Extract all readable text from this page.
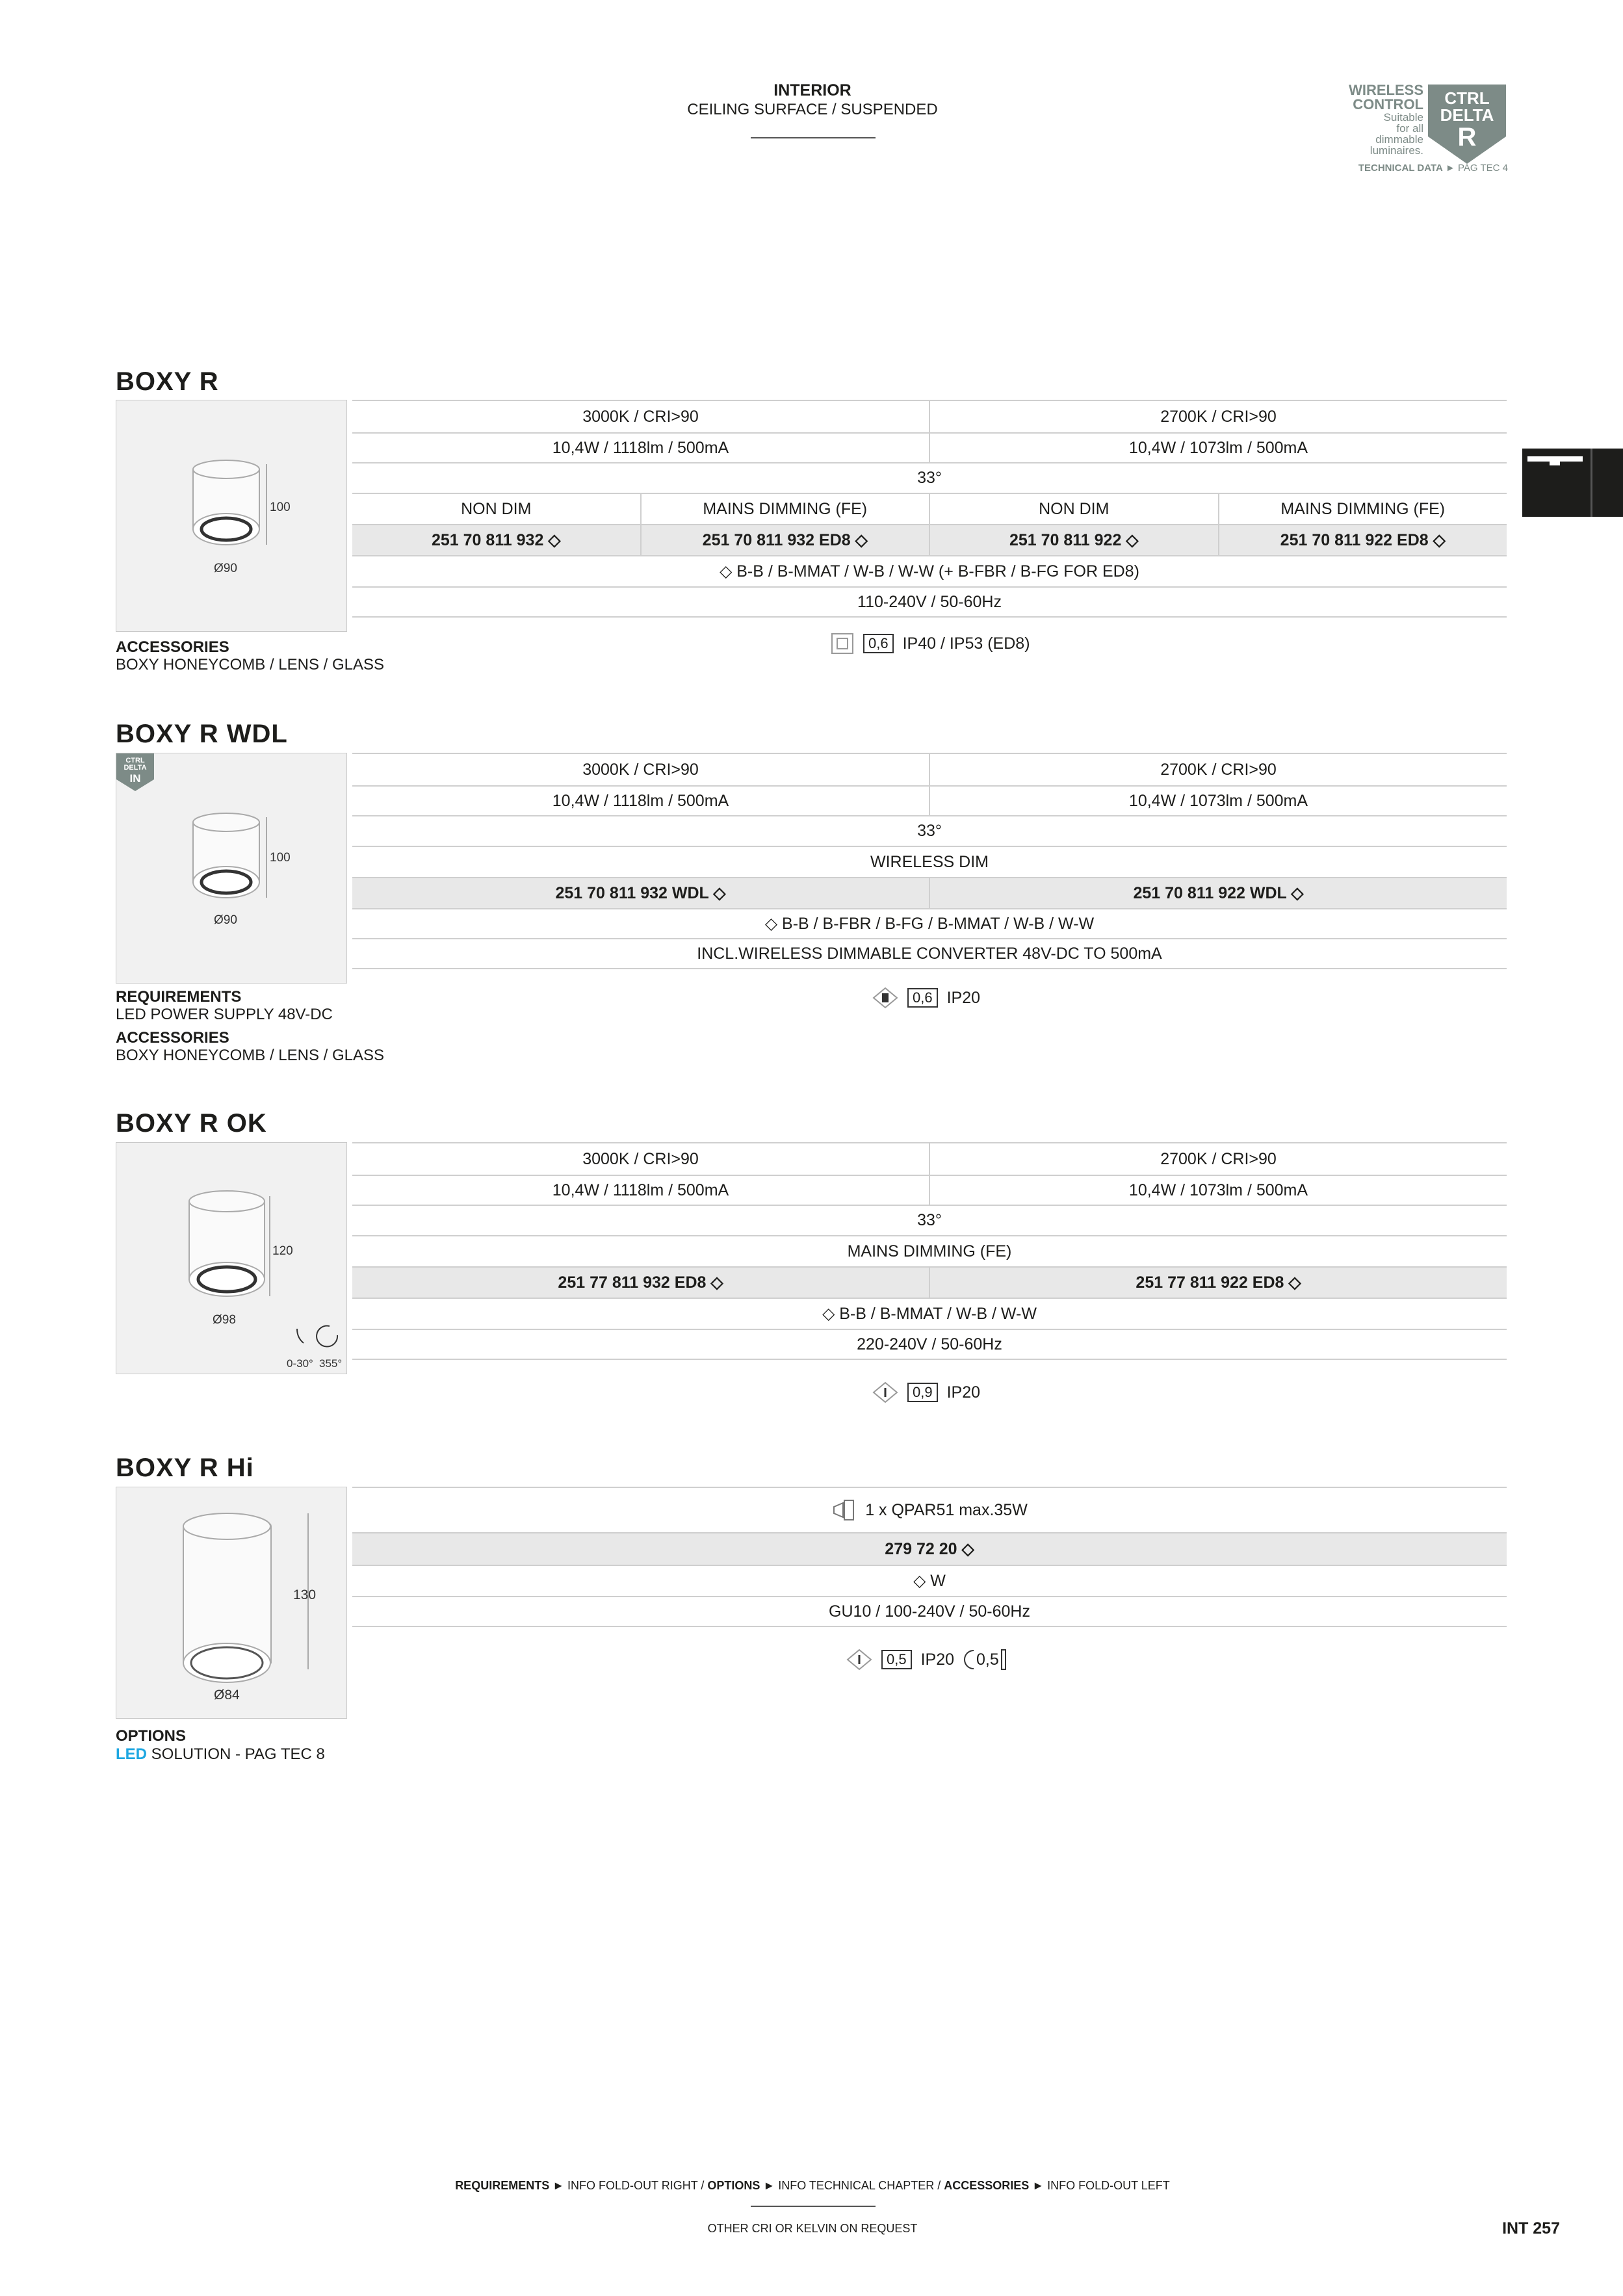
INTERIOR
CEILING SURFACE / SUSPENDED
WIRELESS
CONTROL
Suitable
for all
dimmable
luminaires.
CTRL
DELTA
R
TECHNICAL DATA ► PAG TEC 4
BOXY R
100
Ø90
3000K / CRI>90	2700K / CRI>90
10,4W / 1118lm / 500mA	10,4W / 1073lm / 500mA
33°
NON DIM	MAINS DIMMING (FE)	NON DIM	MAINS DIMMING (FE)
251 70 811 932 ◇	251 70 811 932 ED8 ◇	251 70 811 922 ◇	251 70 811 922 ED8 ◇
◇ B-B / B-MMAT / W-B / W-W (+ B-FBR / B-FG FOR ED8)
110-240V / 50-60Hz
0,6 IP40 / IP53 (ED8)
ACCESSORIES
BOXY HONEYCOMB / LENS / GLASS
BOXY R WDL
CTRL
DELTA
IN
100
Ø90
3000K / CRI>90	2700K / CRI>90
10,4W / 1118lm / 500mA	10,4W / 1073lm / 500mA
33°
WIRELESS DIM
251 70 811 932 WDL ◇	251 70 811 922 WDL ◇
◇ B-B / B-FBR / B-FG / B-MMAT / W-B / W-W
INCL.WIRELESS DIMMABLE CONVERTER 48V-DC TO 500mA
0,6 IP20
REQUIREMENTS
LED POWER SUPPLY 48V-DC
ACCESSORIES
BOXY HONEYCOMB / LENS / GLASS
BOXY R OK
120
Ø98
0-30° 355°
3000K / CRI>90	2700K / CRI>90
10,4W / 1118lm / 500mA	10,4W / 1073lm / 500mA
33°
MAINS DIMMING (FE)
251 77 811 932 ED8 ◇	251 77 811 922 ED8 ◇
◇ B-B / B-MMAT / W-B / W-W
220-240V / 50-60Hz
0,9 IP20
BOXY R Hi
130
Ø84
1 x QPAR51 max.35W
279 72 20 ◇
◇ W
GU10 / 100-240V / 50-60Hz
0,5 IP20 0,5
OPTIONS
LED SOLUTION - PAG TEC 8
REQUIREMENTS ► INFO FOLD-OUT RIGHT / OPTIONS ► INFO TECHNICAL CHAPTER / ACCESSORIES ► INFO FOLD-OUT LEFT
OTHER CRI OR KELVIN ON REQUEST	INT 257
